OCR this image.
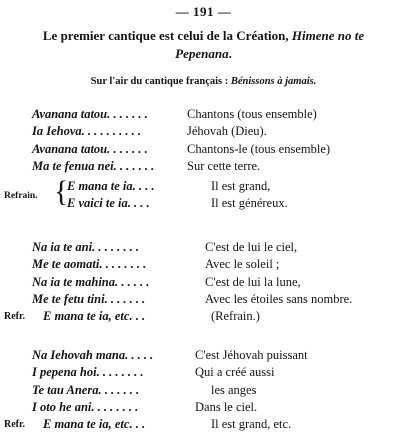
— 191 —
Le premier cantique est celui de la Création, Himene no te Pepenana.
Sur l'air du cantique français : Bénissons à jamais.
Avanana tatou. . . . . . .	Chantons (tous ensemble)
Ia Iehova. . . . . . . . . .	Jéhovah (Dieu).
Avanana tatou. . . . . . .	Chantons-le (tous ensemble)
Ma te fenua nei. . . . . . .	Sur cette terre.
Refrain. {
E mana te ia. . . .	Il est grand,
E vaici te ia. . . .	Il est généreux.
Na ia te ani. . . . . . . .	C'est de lui le ciel,
Me te aomati. . . . . . . .	Avec le soleil ;
Na ia te mahina. . . . . .	C'est de lui la lune,
Me te fetu tini. . . . . . .	Avec les étoiles sans nombre.
Refr. E mana te ia, etc. . .	(Refrain.)
Na Iehovah mana. . . . .	C'est Jéhovah puissant
I pepena hoi. . . . . . . .	Qui a créé aussi
Te tau Anera. . . . . . .	les anges
I oto he ani. . . . . . . .	Dans le ciel.
Refr. E mana te ia, etc. . .	Il est grand, etc.
